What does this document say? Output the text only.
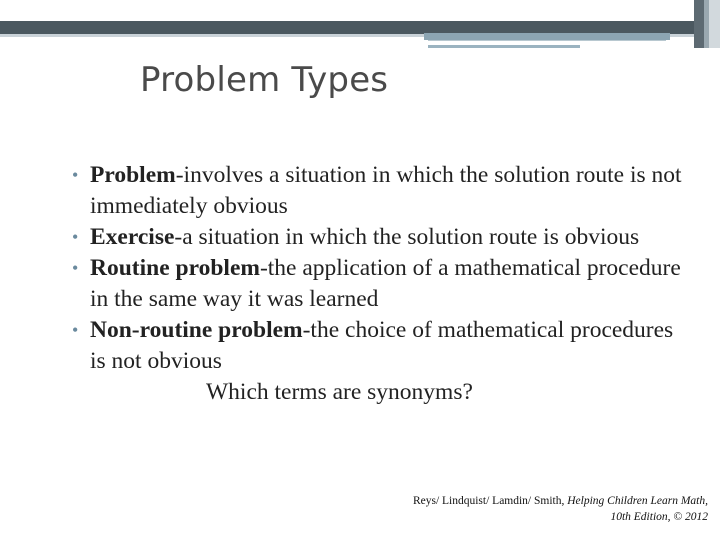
Problem Types
• Problem-involves a situation in which the solution route is not immediately obvious
• Exercise-a situation in which the solution route is obvious
• Routine problem-the application of a mathematical procedure in the same way it was learned
• Non-routine problem-the choice of mathematical procedures is not obvious
Which terms are synonyms?
Reys/ Lindquist/ Lamdin/ Smith, Helping Children Learn Math,
10th Edition, © 2012
